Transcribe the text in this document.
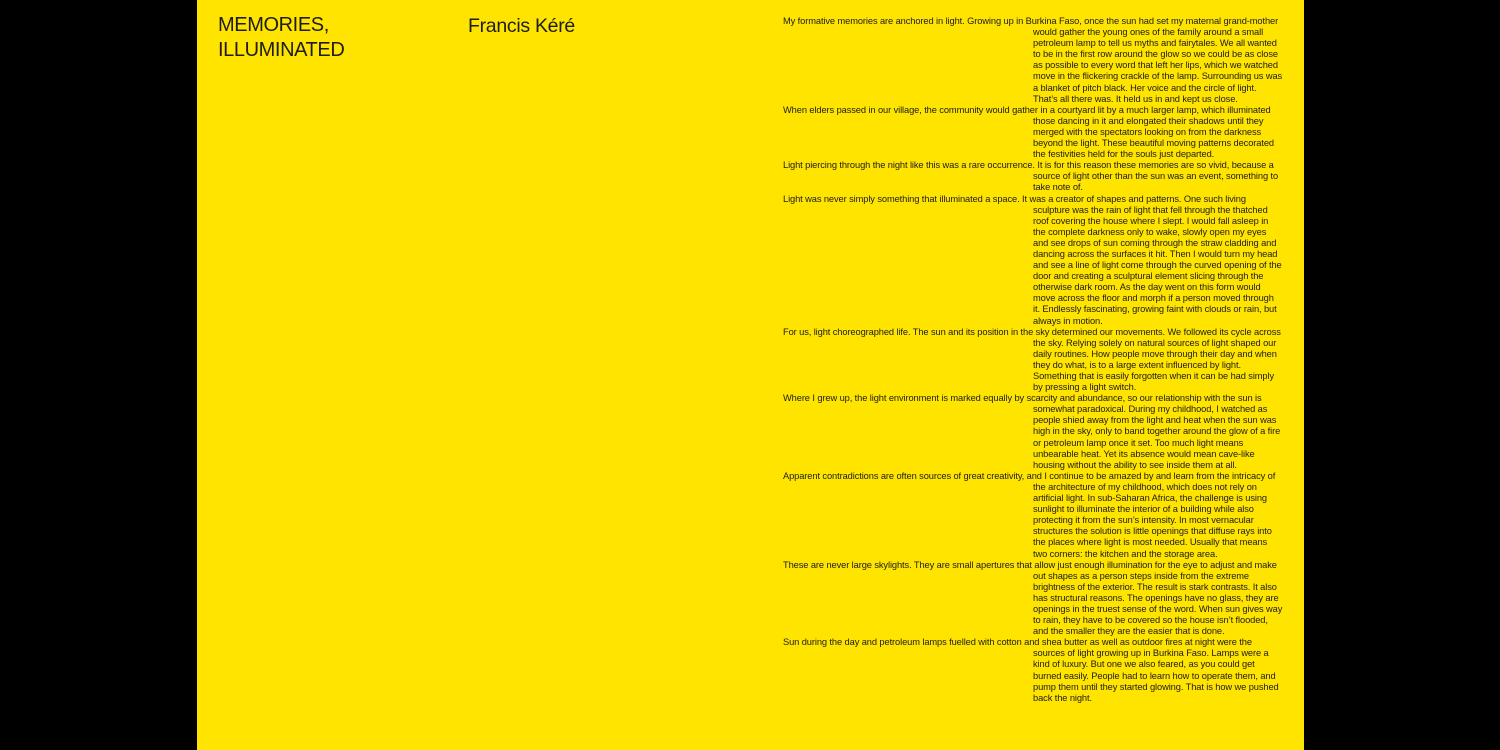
MEMORIES,
ILLUMINATED
Francis Kéré	My formative memories are anchored in light. Growing up in Burkina Faso, once the sun had set my maternal grand-mother would gather the young ones of the family around a small petroleum lamp to tell us myths and fairytales. We all wanted to be in the first row around the glow so we could be as close as possible to every word that left her lips, which we watched move in the flickering crackle of the lamp. Surrounding us was a blanket of pitch black. Her voice and the circle of light. That’s all there was. It held us in and kept us close.

When elders passed in our village, the community would gather in a courtyard lit by a much larger lamp, which illuminated those dancing in it and elongated their shadows until they merged with the spectators looking on from the darkness beyond the light. These beautiful moving patterns decorated the festivities held for the souls just departed.

Light piercing through the night like this was a rare occurrence. It is for this reason these memories are so vivid, because a source of light other than the sun was an event, something to take note of.

Light was never simply something that illuminated a space. It was a creator of shapes and patterns. One such living sculpture was the rain of light that fell through the thatched roof covering the house where I slept. I would fall asleep in the complete darkness only to wake, slowly open my eyes and see drops of sun coming through the straw cladding and dancing across the surfaces it hit. Then I would turn my head and see a line of light come through the curved opening of the door and creating a sculptural element slicing through the otherwise dark room. As the day went on this form would move across the floor and morph if a person moved through it. Endlessly fascinating, growing faint with clouds or rain, but always in motion.

For us, light choreographed life. The sun and its position in the sky determined our movements. We followed its cycle across the sky. Relying solely on natural sources of light shaped our daily routines. How people move through their day and when they do what, is to a large extent influenced by light. Something that is easily forgotten when it can be had simply by pressing a light switch.

Where I grew up, the light environment is marked equally by scarcity and abundance, so our relationship with the sun is somewhat paradoxical. During my childhood, I watched as people shied away from the light and heat when the sun was high in the sky, only to band together around the glow of a fire or petroleum lamp once it set. Too much light means unbearable heat. Yet its absence would mean cave-like housing without the ability to see inside them at all.

Apparent contradictions are often sources of great creativity, and I continue to be amazed by and learn from the intricacy of the architecture of my childhood, which does not rely on artificial light. In sub-Saharan Africa, the challenge is using sunlight to illuminate the interior of a building while also protecting it from the sun’s intensity. In most vernacular structures the solution is little openings that diffuse rays into the places where light is most needed. Usually that means two corners: the kitchen and the storage area.

These are never large skylights. They are small apertures that allow just enough illumination for the eye to adjust and make out shapes as a person steps inside from the extreme brightness of the exterior. The result is stark contrasts. It also has structural reasons. The openings have no glass, they are openings in the truest sense of the word. When sun gives way to rain, they have to be covered so the house isn’t flooded, and the smaller they are the easier that is done.

Sun during the day and petroleum lamps fuelled with cotton and shea butter as well as outdoor fires at night were the sources of light growing up in Burkina Faso. Lamps were a kind of luxury. But one we also feared, as you could get burned easily. People had to learn how to operate them, and pump them until they started glowing. That is how we pushed back the night.
